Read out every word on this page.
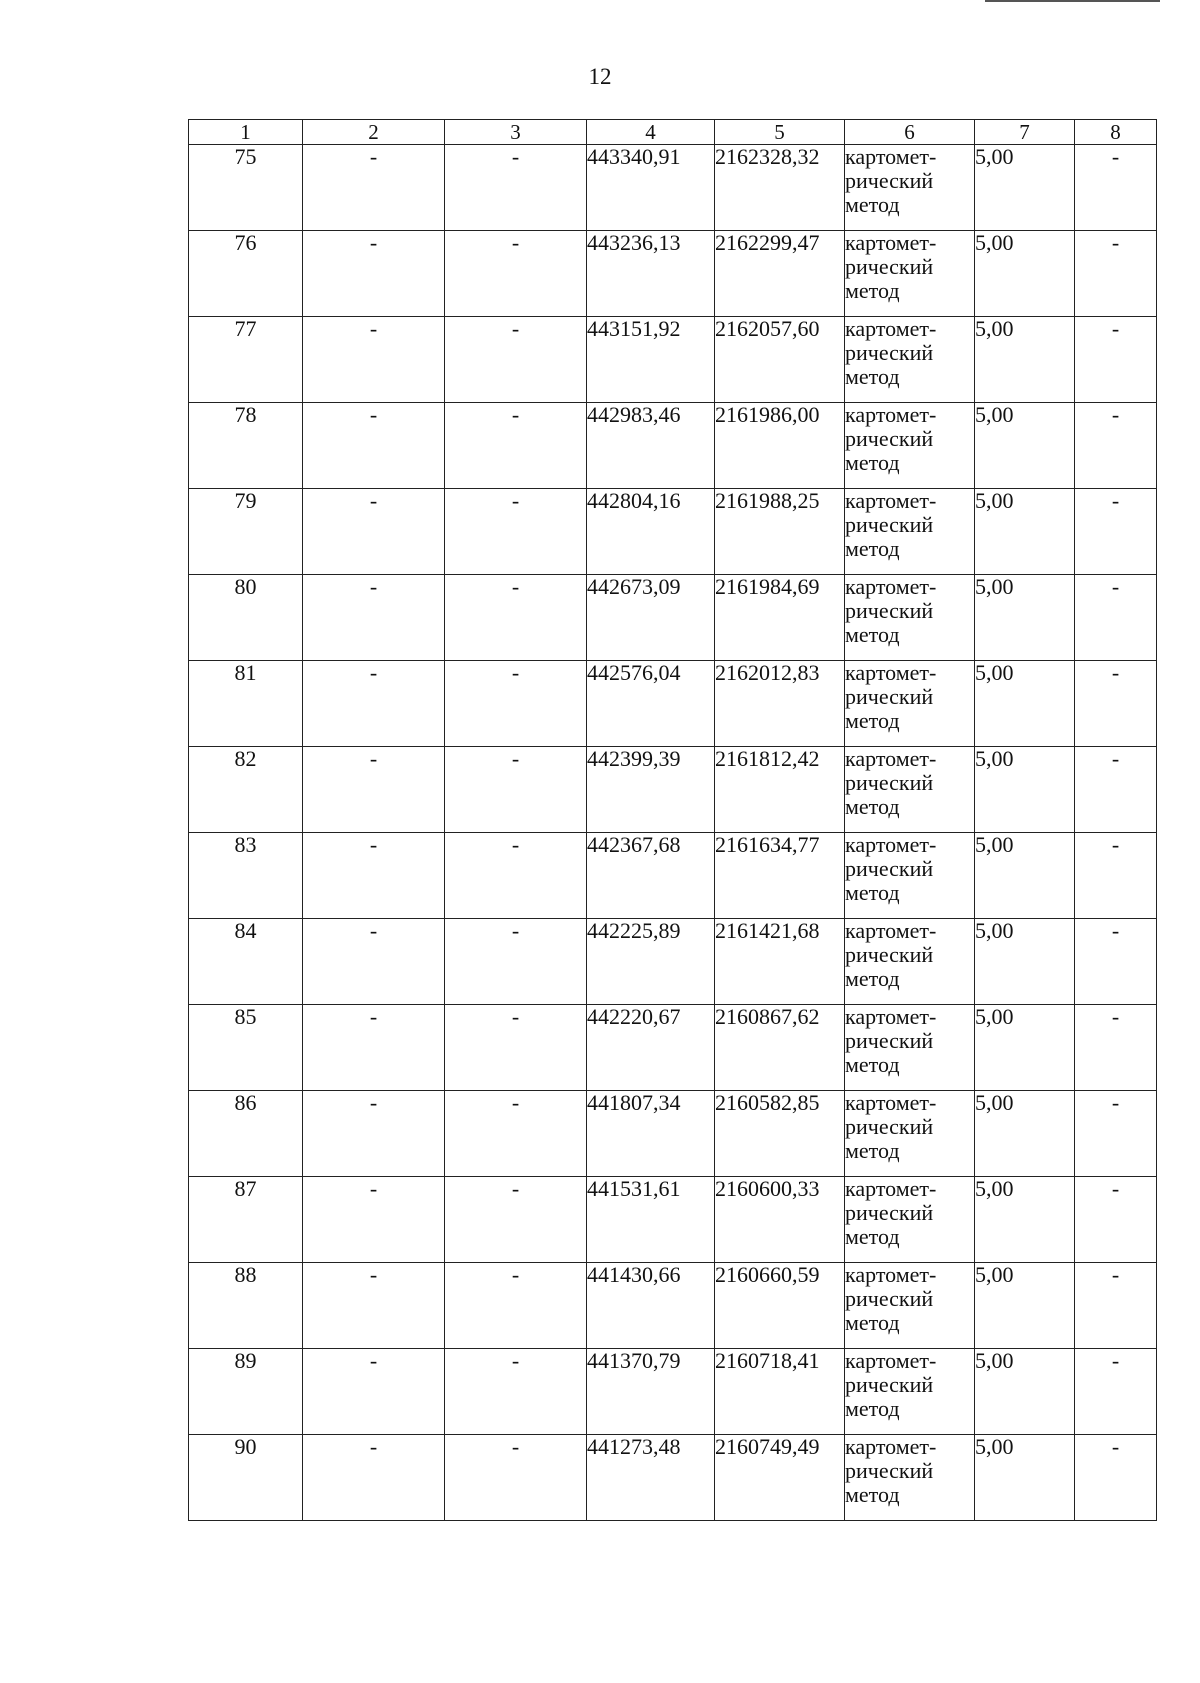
12
1	2	3	4	5	6	7	8
75	-	-	443340,91	2162328,32	картомет-
рический
метод	5,00	-
76	-	-	443236,13	2162299,47	картомет-
рический
метод	5,00	-
77	-	-	443151,92	2162057,60	картомет-
рический
метод	5,00	-
78	-	-	442983,46	2161986,00	картомет-
рический
метод	5,00	-
79	-	-	442804,16	2161988,25	картомет-
рический
метод	5,00	-
80	-	-	442673,09	2161984,69	картомет-
рический
метод	5,00	-
81	-	-	442576,04	2162012,83	картомет-
рический
метод	5,00	-
82	-	-	442399,39	2161812,42	картомет-
рический
метод	5,00	-
83	-	-	442367,68	2161634,77	картомет-
рический
метод	5,00	-
84	-	-	442225,89	2161421,68	картомет-
рический
метод	5,00	-
85	-	-	442220,67	2160867,62	картомет-
рический
метод	5,00	-
86	-	-	441807,34	2160582,85	картомет-
рический
метод	5,00	-
87	-	-	441531,61	2160600,33	картомет-
рический
метод	5,00	-
88	-	-	441430,66	2160660,59	картомет-
рический
метод	5,00	-
89	-	-	441370,79	2160718,41	картомет-
рический
метод	5,00	-
90	-	-	441273,48	2160749,49	картомет-
рический
метод	5,00	-
